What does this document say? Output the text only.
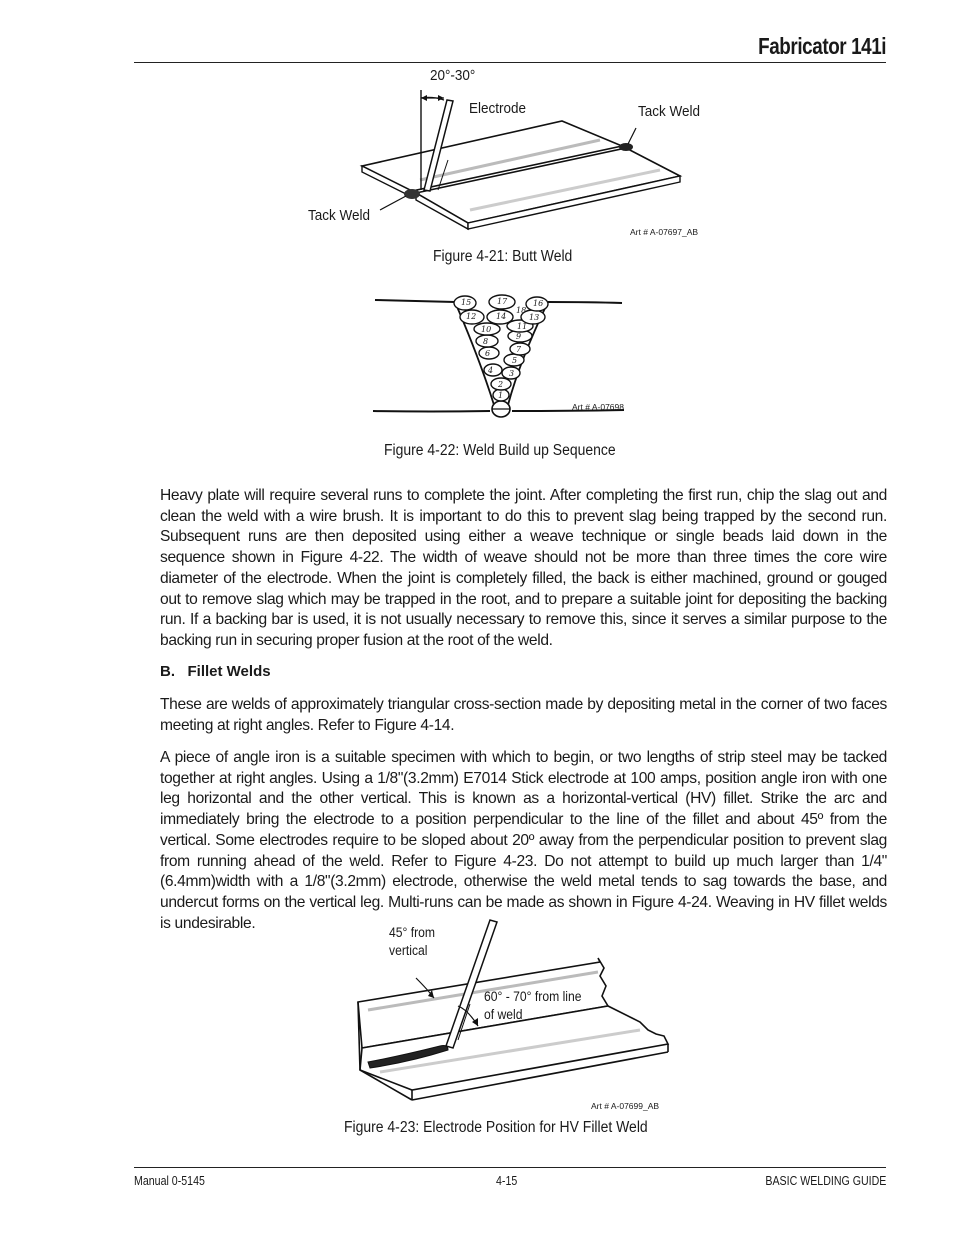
Fabricator 141i
20°-30°
Electrode	Tack Weld
Tack Weld
Art # A-07697_AB
Figure 4-21: Butt Weld
1
2
3
4
5
6	7
8
9
10	11
12	13
14
15	16
17
18
Art # A-07698
Figure 4-22: Weld Build up Sequence
Heavy plate will require several runs to complete the joint. After completing the first run, chip the slag out and clean the weld with a wire brush. It is important to do this to prevent slag being trapped by the second run. Subsequent runs are then deposited using either a weave technique or single beads laid down in the sequence shown in Figure 4-22. The width of weave should not be more than three times the core wire diameter of the electrode. When the joint is completely filled, the back is either machined, ground or gouged out to remove slag which may be trapped in the root, and to prepare a suitable joint for depositing the backing run. If a backing bar is used, it is not usually necessary to remove this, since it serves a similar purpose to the backing run in securing proper fusion at the root of the weld.
B.   Fillet Welds
These are welds of approximately triangular cross-section made by depositing metal in the corner of two faces meeting at right angles. Refer to Figure 4-14.
A piece of angle iron is a suitable specimen with which to begin, or two lengths of strip steel may be tacked together at right angles. Using a 1/8"(3.2mm) E7014 Stick electrode at 100 amps, position angle iron with one leg horizontal and the other vertical. This is known as a horizontal-vertical (HV) fillet. Strike the arc and immediately bring the electrode to a position perpendicular to the line of the fillet and about 45º from the vertical. Some electrodes require to be sloped about 20º away from the perpendicular position to prevent slag from running ahead of the weld. Refer to Figure 4-23. Do not attempt to build up much larger than 1/4"(6.4mm)width with a 1/8"(3.2mm) electrode, otherwise the weld metal tends to sag towards the base, and undercut forms on the vertical leg. Multi-runs can be made as shown in Figure 4-24. Weaving in HV fillet welds is undesirable.
45° from
vertical
60° - 70° from line
of weld
Art # A-07699_AB
Figure 4-23: Electrode Position for HV Fillet Weld
Manual 0-5145	4-15	BASIC WELDING GUIDE
